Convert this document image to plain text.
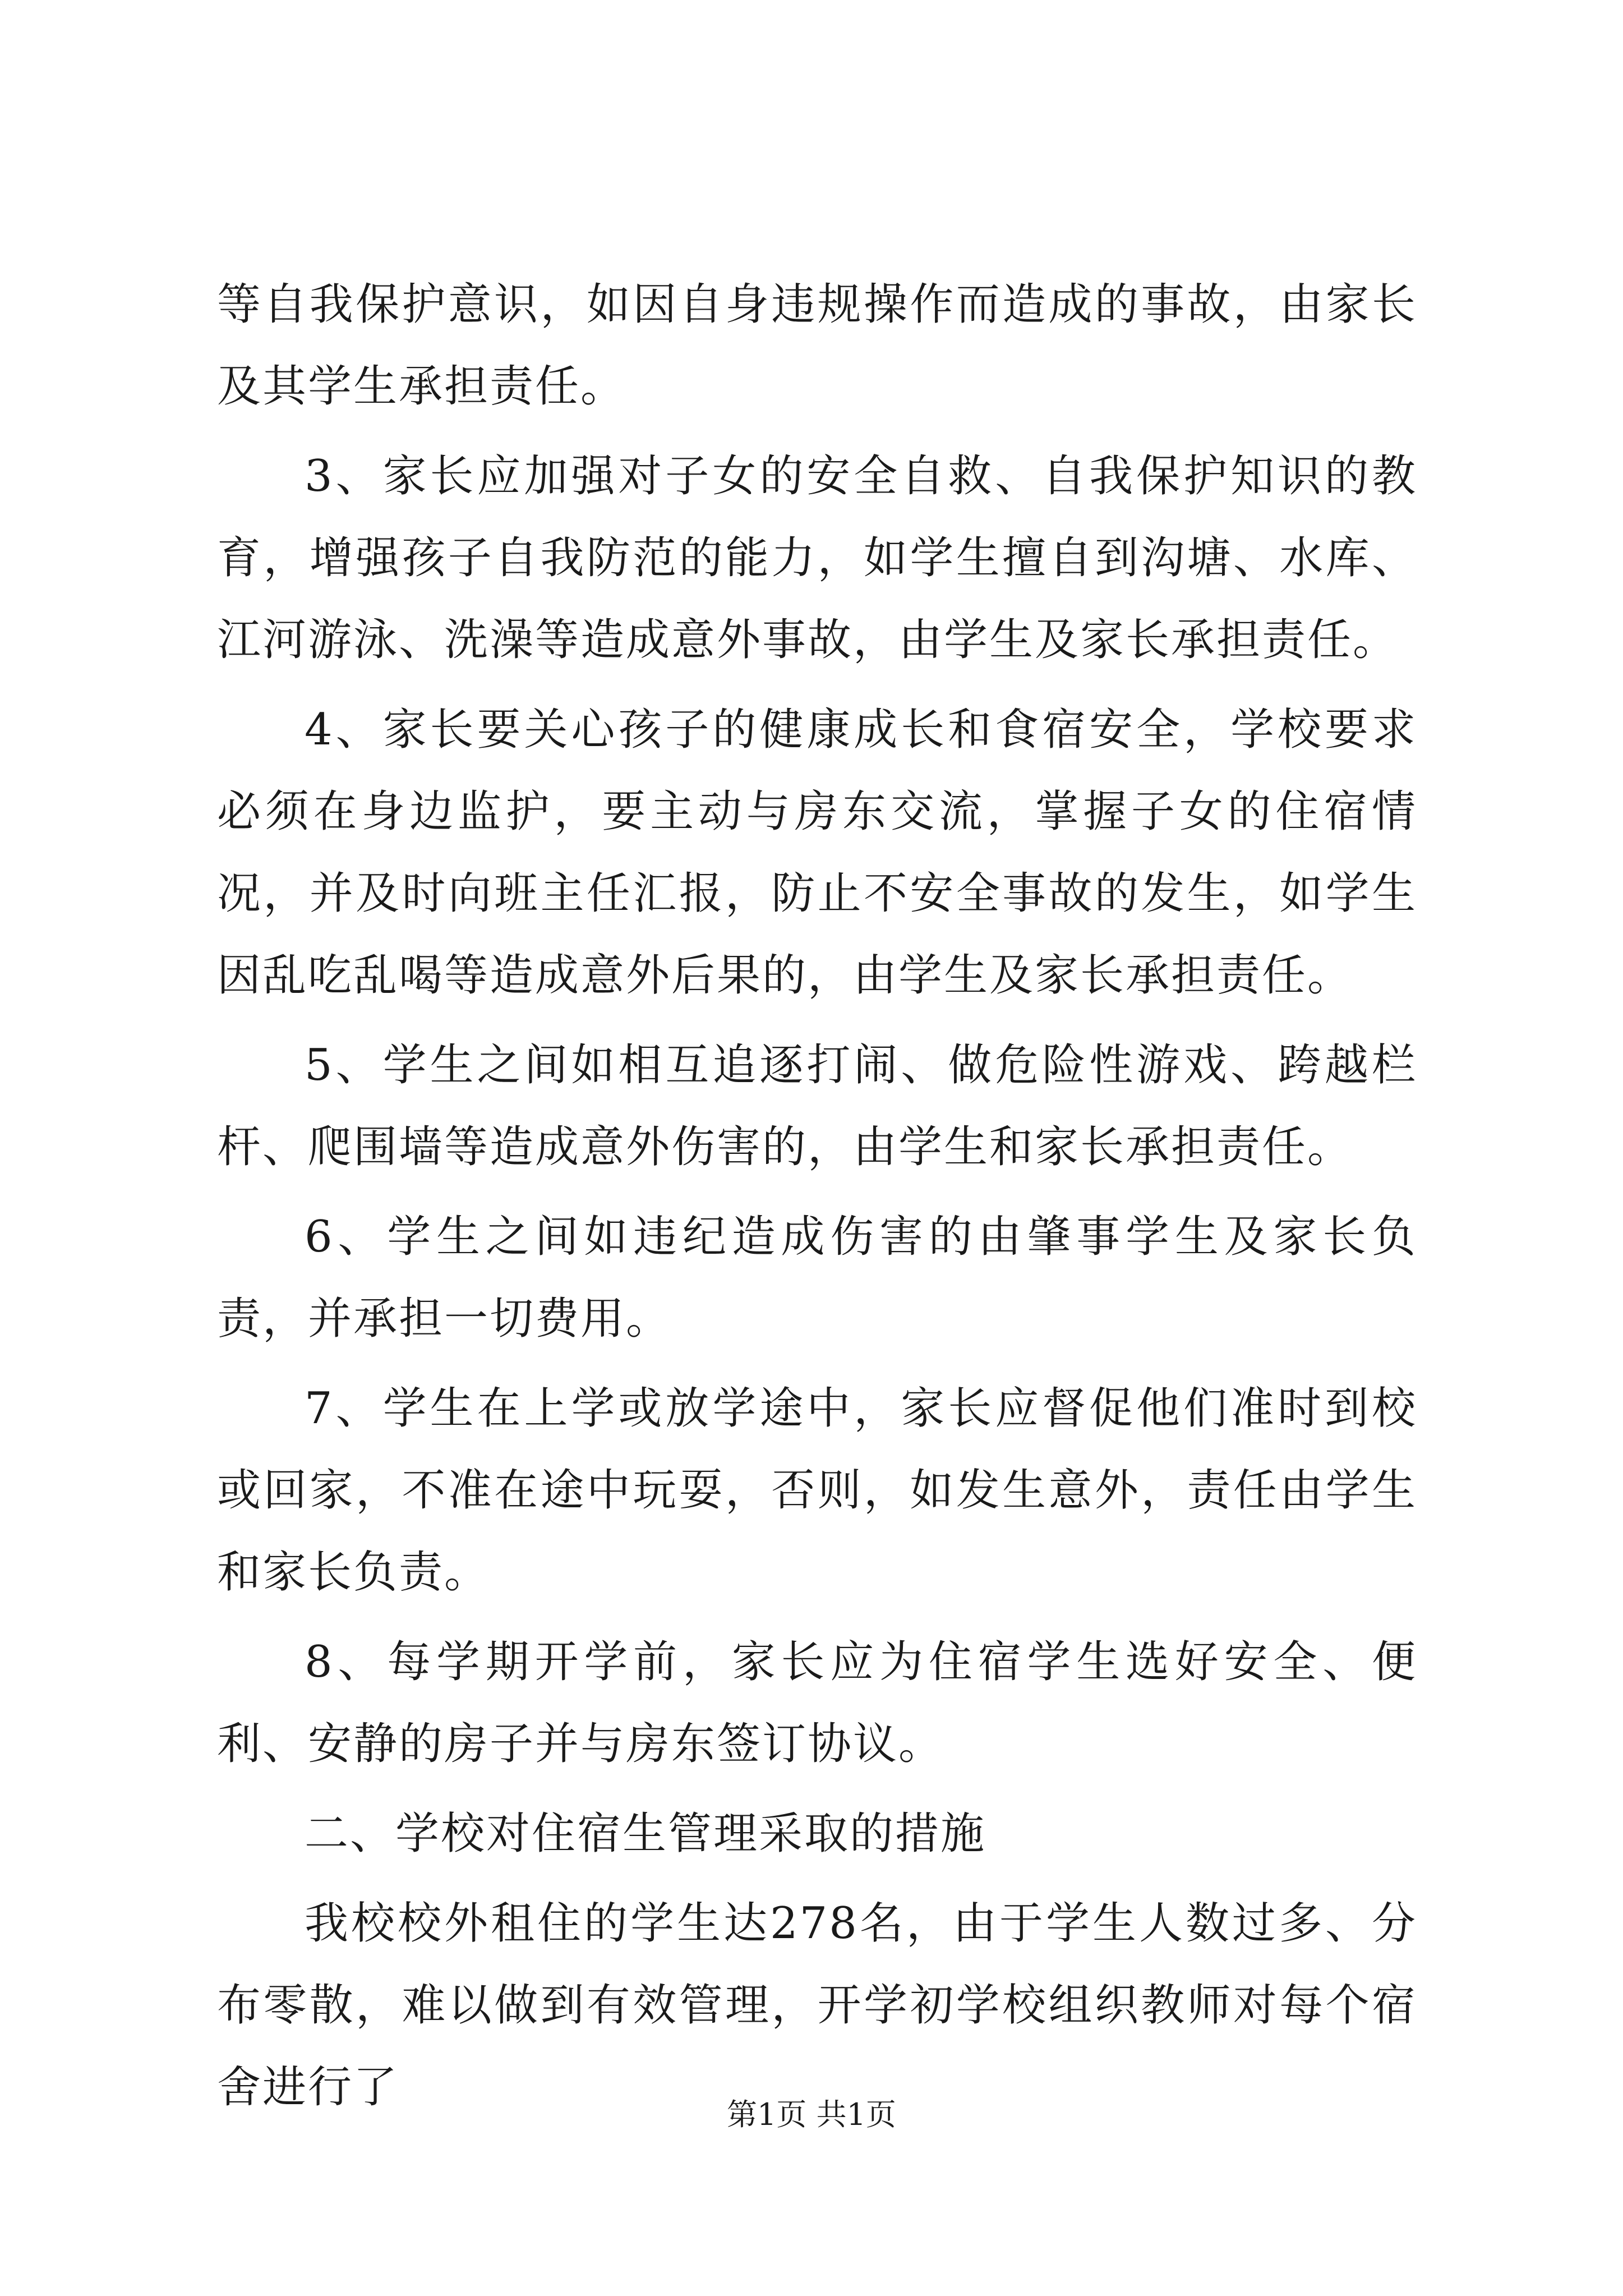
等自我保护意识，如因自身违规操作而造成的事故，由家长及其学生承担责任。

3、家长应加强对子女的安全自救、自我保护知识的教育，增强孩子自我防范的能力，如学生擅自到沟塘、水库、江河游泳、洗澡等造成意外事故，由学生及家长承担责任。

4、家长要关心孩子的健康成长和食宿安全，学校要求必须在身边监护，要主动与房东交流，掌握子女的住宿情况，并及时向班主任汇报，防止不安全事故的发生，如学生因乱吃乱喝等造成意外后果的，由学生及家长承担责任。

5、学生之间如相互追逐打闹、做危险性游戏、跨越栏杆、爬围墙等造成意外伤害的，由学生和家长承担责任。

6、学生之间如违纪造成伤害的由肇事学生及家长负责，并承担一切费用。

7、学生在上学或放学途中，家长应督促他们准时到校或回家，不准在途中玩耍，否则，如发生意外，责任由学生和家长负责。

8、每学期开学前，家长应为住宿学生选好安全、便利、安静的房子并与房东签订协议。

二、学校对住宿生管理采取的措施

我校校外租住的学生达278名，由于学生人数过多、分布零散，难以做到有效管理，开学初学校组织教师对每个宿舍进行了

第1页 共1页
